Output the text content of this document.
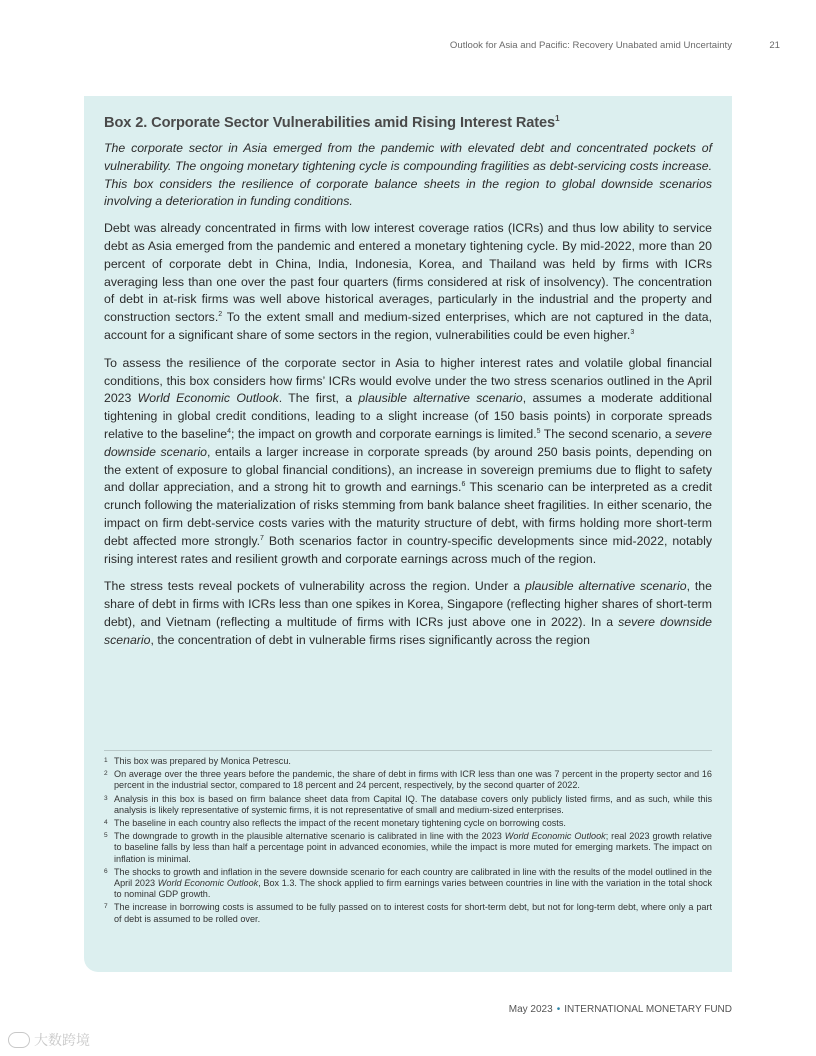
Outlook for Asia and Pacific: Recovery Unabated amid Uncertainty	21
Box 2. Corporate Sector Vulnerabilities amid Rising Interest Rates$^1$

The corporate sector in Asia emerged from the pandemic with elevated debt and concentrated pockets of vulnerability. The ongoing monetary tightening cycle is compounding fragilities as debt-servicing costs increase. This box considers the resilience of corporate balance sheets in the region to global downside scenarios involving a deterioration in funding conditions.

Debt was already concentrated in firms with low interest coverage ratios (ICRs) and thus low ability to service debt as Asia emerged from the pandemic and entered a monetary tightening cycle. By mid-2022, more than 20 percent of corporate debt in China, India, Indonesia, Korea, and Thailand was held by firms with ICRs averaging less than one over the past four quarters (firms considered at risk of insolvency). The concentration of debt in at-risk firms was well above historical averages, particularly in the industrial and the property and construction sectors.$^2$ To the extent small and medium-sized enterprises, which are not captured in the data, account for a significant share of some sectors in the region, vulnerabilities could be even higher.$^3$

To assess the resilience of the corporate sector in Asia to higher interest rates and volatile global financial conditions, this box considers how firms’ ICRs would evolve under the two stress scenarios outlined in the April 2023 World Economic Outlook. The first, a plausible alternative scenario, assumes a moderate additional tightening in global credit conditions, leading to a slight increase (of 150 basis points) in corporate spreads relative to the baseline$^4$; the impact on growth and corporate earnings is limited.$^5$ The second scenario, a severe downside scenario, entails a larger increase in corporate spreads (by around 250 basis points, depending on the extent of exposure to global financial conditions), an increase in sovereign premiums due to flight to safety and dollar appreciation, and a strong hit to growth and earnings.$^6$ This scenario can be interpreted as a credit crunch following the materialization of risks stemming from bank balance sheet fragilities. In either scenario, the impact on firm debt-service costs varies with the maturity structure of debt, with firms holding more short-term debt affected more strongly.$^7$ Both scenarios factor in country-specific developments since mid-2022, notably rising interest rates and resilient growth and corporate earnings across much of the region.

The stress tests reveal pockets of vulnerability across the region. Under a plausible alternative scenario, the share of debt in firms with ICRs less than one spikes in Korea, Singapore (reflecting higher shares of short-term debt), and Vietnam (reflecting a multitude of firms with ICRs just above one in 2022). In a severe downside scenario, the concentration of debt in vulnerable firms rises significantly across the region

1 This box was prepared by Monica Petrescu.
2 On average over the three years before the pandemic, the share of debt in firms with ICR less than one was 7 percent in the property sector and 16 percent in the industrial sector, compared to 18 percent and 24 percent, respectively, by the second quarter of 2022.
3 Analysis in this box is based on firm balance sheet data from Capital IQ. The database covers only publicly listed firms, and as such, while this analysis is likely representative of systemic firms, it is not representative of small and medium-sized enterprises.
4 The baseline in each country also reflects the impact of the recent monetary tightening cycle on borrowing costs.
5 The downgrade to growth in the plausible alternative scenario is calibrated in line with the 2023 World Economic Outlook; real 2023 growth relative to baseline falls by less than half a percentage point in advanced economies, while the impact is more muted for emerging markets. The impact on inflation is minimal.
6 The shocks to growth and inflation in the severe downside scenario for each country are calibrated in line with the results of the model outlined in the April 2023 World Economic Outlook, Box 1.3. The shock applied to firm earnings varies between countries in line with the variation in the total shock to nominal GDP growth.
7 The increase in borrowing costs is assumed to be fully passed on to interest costs for short-term debt, but not for long-term debt, where only a part of debt is assumed to be rolled over.
May 2023 • INTERNATIONAL MONETARY FUND
大数跨境
